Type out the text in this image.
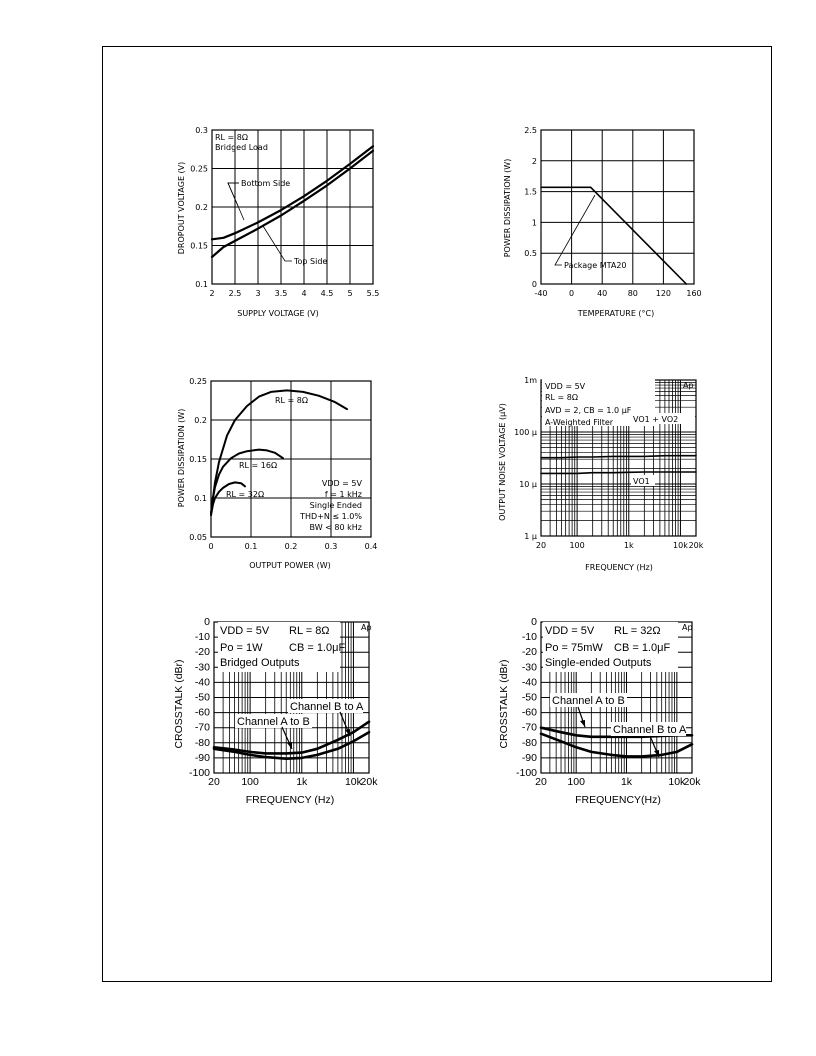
2 2.5 3 3.5 4 4.5 5 5.5
0.1
0.15
0.2
0.25
0.3
SUPPLY VOLTAGE (V)
DROPOUT VOLTAGE (V)
RL = 8Ω
Bridged Load
Bottom Side
Top Side
-40	0	40	80 120 160
0
0.5
1
1.5
2
2.5
TEMPERATURE (°C)
POWER DISSIPATION (W)
Package MTA20
0	0.1	0.2	0.3	0.4
0.05
0.1
0.15
0.2
0.25
OUTPUT POWER (W)
POWER DISSIPATION (W)
RL = 8Ω
RL = 16Ω
RL = 32Ω
VDD = 5V
f = 1 kHz
Single Ended
THD+N ≤ 1.0%
BW < 80 kHz
20	100	1k	10k 20k
1 μ
10 μ
100 μ
1m
FREQUENCY (Hz)
OUTPUT NOISE VOLTAGE (μV)
VDD = 5V
RL = 8Ω
AVD = 2, CB = 1.0 μF
A-Weighted Filter
Ap
VO1 + VO2
VO1
20 100	1k	10k
20k
-100
-90
-80
-70
-60
-50
-40
-30
-20
-10
0
FREQUENCY (Hz)
CROSSTALK (dBr)
VDD = 5V RL = 8Ω
Po = 1W CB = 1.0μF
Bridged Outputs
Channel B to A
Channel A to B
Ap
20 100	1k	10k
20k
-100
-90
-80
-70
-60
-50
-40
-30
-20
-10
0
FREQUENCY(Hz)
CROSSTALK (dBr)
VDD = 5V RL = 32Ω
Po = 75mW CB = 1.0μF
Single-ended Outputs
Channel A to B
Channel B to A
Ap
